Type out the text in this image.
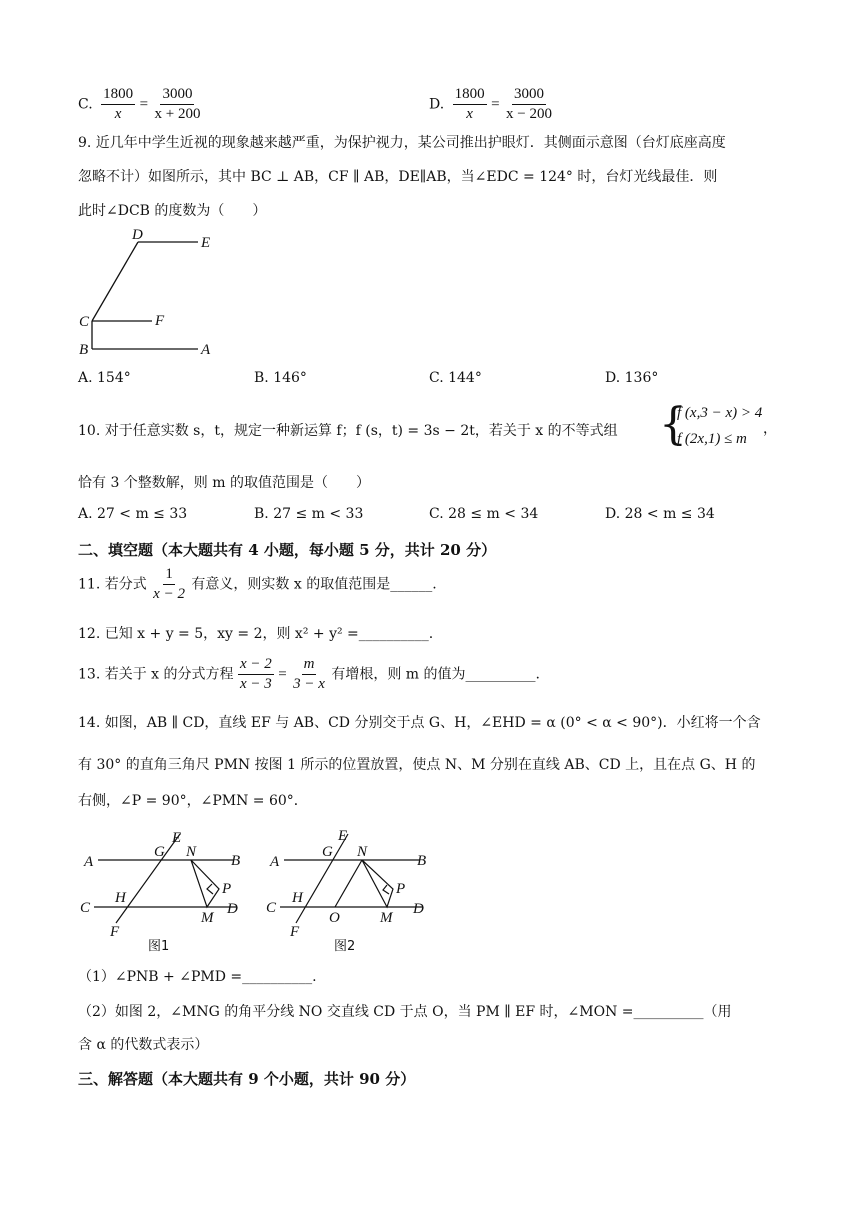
C. $\frac{1800}{x} = \frac{3000}{x + 200}$	D. $\frac{1800}{x} = \frac{3000}{x - 200}$
9. 近几年中学生近视的现象越来越严重，为保护视力，某公司推出护眼灯．其侧面示意图（台灯底座高度
忽略不计）如图所示，其中 BC ⊥ AB，CF ∥ AB，DE∥AB，当∠EDC = 124° 时，台灯光线最佳．则
此时∠DCB 的度数为（　　）
D	E
C	F
B	A
A. 154°	B. 146°	C. 144°	D. 136°
10. 对于任意实数 s，t，规定一种新运算 f；f (s，t) = 3s − 2t，若关于 x 的不等式组 {
f (x,3 − x) > 4
f (2x,1) ≤ m
，
恰有 3 个整数解，则 m 的取值范围是（　　）
A. 27 < m ≤ 33	B. 27 ≤ m < 33	C. 28 ≤ m < 34	D. 28 < m ≤ 34
二、填空题（本大题共有 4 小题，每小题 5 分，共计 20 分）
11. 若分式 $\frac{1}{x - 2}$ 有意义，则实数 x 的取值范围是______.
12. 已知 x + y = 5，xy = 2，则 x² + y² =__________.
13. 若关于 x 的分式方程 $\frac{x - 2}{x - 3} = \frac{m}{3 - x}$ 有增根，则 m 的值为__________.
14. 如图，AB ∥ CD，直线 EF 与 AB、CD 分别交于点 G、H，∠EHD = α (0° < α < 90°)．小红将一个含
有 30° 的直角三角尺 PMN 按图 1 所示的位置放置，使点 N、M 分别在直线 AB、CD 上，且在点 G、H 的
右侧，∠P = 90°，∠PMN = 60°．
A
G
E
N
B
P
C
H
M
D
F
图1
A
G
E
N
B
P
C
H
O	M
D
F
图2
（1）∠PNB + ∠PMD =__________.
（2）如图 2，∠MNG 的角平分线 NO 交直线 CD 于点 O，当 PM ∥ EF 时，∠MON =__________（用
含 α 的代数式表示）
三、解答题（本大题共有 9 个小题，共计 90 分）
